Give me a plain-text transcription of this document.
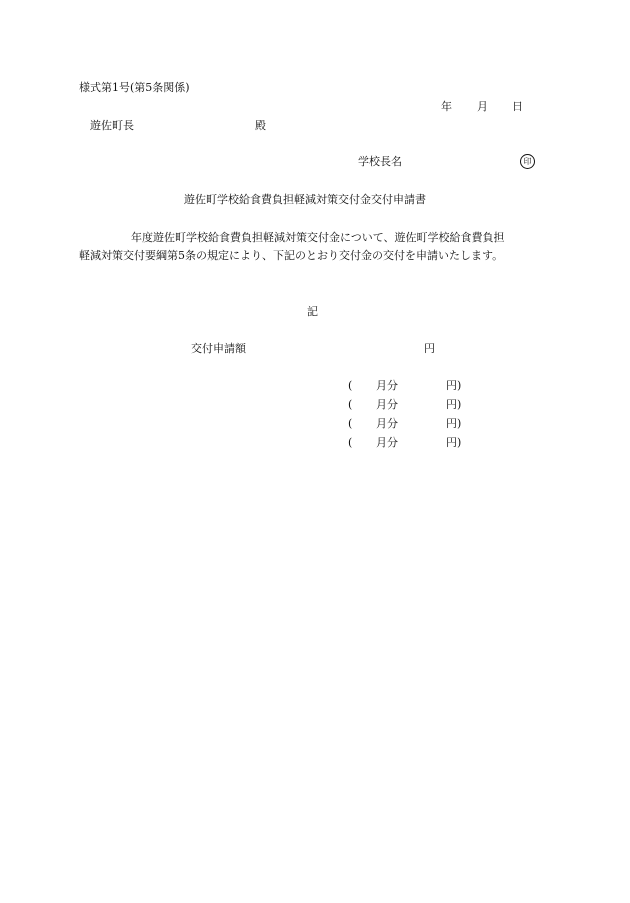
様式第1号(第5条関係)
年 月 日
遊佐町長	殿
学校長名	印
遊佐町学校給食費負担軽減対策交付金交付申請書
年度遊佐町学校給食費負担軽減対策交付金について、遊佐町学校給食費負担軽減対策交付要綱第5条の規定により、下記のとおり交付金の交付を申請いたします。
記
交付申請額	円
( 月分	円)
( 月分	円)
( 月分	円)
( 月分	円)
